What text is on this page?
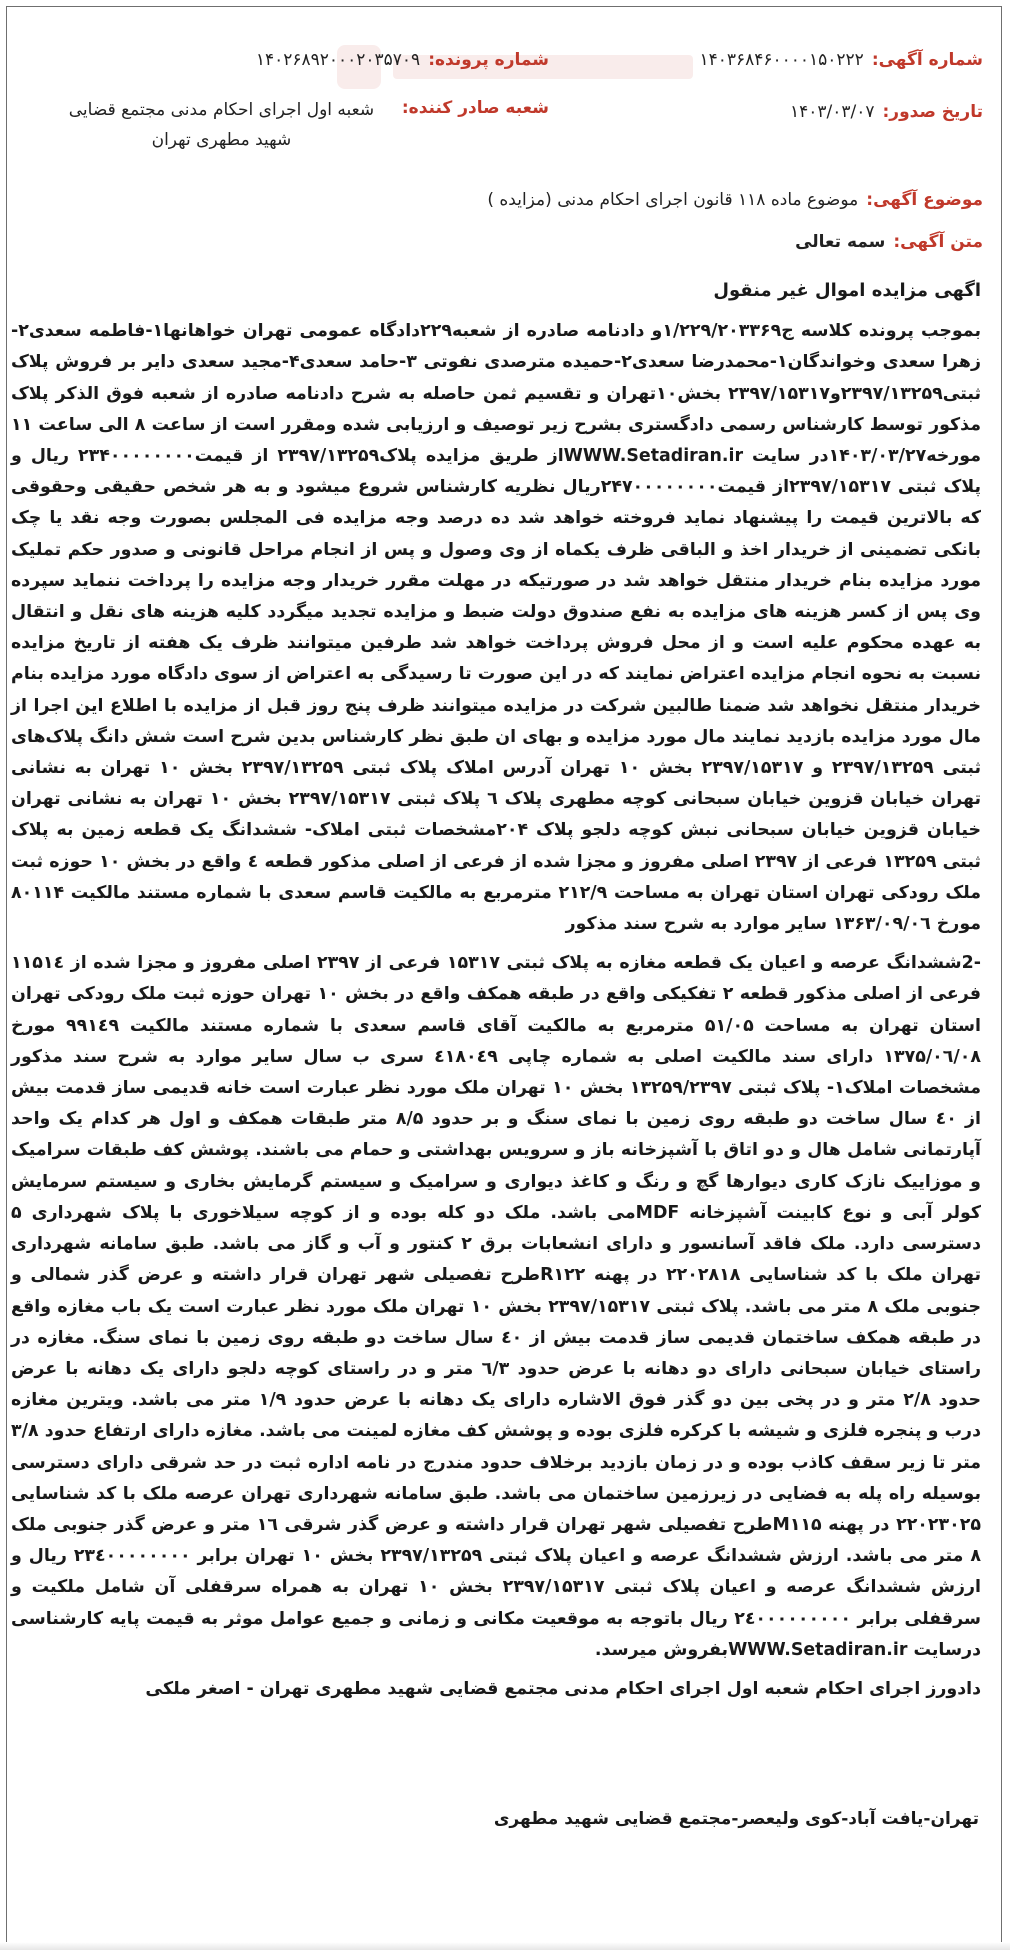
شماره آگهی:
۱۴۰۳۶۸۴۶۰۰۰۰۱۵۰۲۲۲
شماره پرونده:
۱۴۰۲۶۸۹۲۰۰۰۲۰۳۵۷۰۹
تاریخ صدور:
۱۴۰۳/۰۳/۰۷
شعبه صادر کننده:
شعبه اول اجرای احکام مدنی مجتمع قضایی شهید مطهری تهران
موضوع آگهی:
موضوع ماده ۱۱۸ قانون اجرای احکام مدنی (مزایده )
متن آگهی:
سمه تعالی

اگهی مزایده اموال غیر منقول

بموجب پرونده کلاسه ج۱/۲۲۹/۲۰۳۳۶۹و دادنامه صادره از شعبه۲۲۹دادگاه عمومی تهران خواهانها۱-فاطمه سعدی۲-زهرا سعدی وخواندگان۱-محمدرضا سعدی۲-حمیده مترصدی نفوتی ۳-حامد سعدی۴-مجید سعدی دایر بر فروش پلاک ثبتی۲۳۹۷/۱۳۲۵۹و۲۳۹۷/۱۵۳۱۷ بخش۱۰تهران و تقسیم ثمن حاصله به شرح دادنامه صادره از شعبه فوق الذکر پلاک مذکور توسط کارشناس رسمی دادگستری بشرح زیر توصیف و ارزیابی شده ومقرر است از ساعت ۸ الی ساعت ۱۱ مورخه۱۴۰۳/۰۳/۲۷در سایت WWW.Setadiran.irاز طریق مزایده پلاک۲۳۹۷/۱۳۲۵۹ از قیمت۲۳۴۰۰۰۰۰۰۰۰ ریال و پلاک ثبتی ۲۳۹۷/۱۵۳۱۷از قیمت۲۴۷۰۰۰۰۰۰۰۰ریال نظریه کارشناس شروع میشود و به هر شخص حقیقی وحقوقی که بالاترین قیمت را پیشنهاد نماید فروخته خواهد شد ده درصد وجه مزایده فی المجلس بصورت وجه نقد یا چک بانکی تضمینی از خریدار اخذ و الباقی ظرف یکماه از وی وصول و پس از انجام مراحل قانونی و صدور حکم تملیک مورد مزایده بنام خریدار منتقل خواهد شد در صورتیکه در مهلت مقرر خریدار وجه مزایده را پرداخت ننماید سپرده وی پس از کسر هزینه های مزایده به نفع صندوق دولت ضبط و مزایده تجدید میگردد کلیه هزینه های نقل و انتقال به عهده محکوم علیه است و از محل فروش پرداخت خواهد شد طرفین میتوانند ظرف یک هفته از تاریخ مزایده نسبت به نحوه انجام مزایده اعتراض نمایند که در این صورت تا رسیدگی به اعتراض از سوی دادگاه مورد مزایده بنام خریدار منتقل نخواهد شد ضمنا طالبین شرکت در مزایده میتوانند ظرف پنج روز قبل از مزایده با اطلاع این اجرا از مال مورد مزایده بازدید نمایند مال مورد مزایده و بهای ان طبق نظر کارشناس بدین شرح است شش دانگ پلاک‌های ثبتی ۲۳۹۷/۱۳۲۵۹ و ۲۳۹۷/۱۵۳۱۷ بخش ۱۰ تهران آدرس املاک پلاک ثبتی ۲۳۹۷/۱۳۲۵۹ بخش ۱۰ تهران به نشانی تهران خیابان قزوین خیابان سبحانی کوچه مطهری پلاک ٦ پلاک ثبتی ۲۳۹۷/۱۵۳۱۷ بخش ۱۰ تهران به نشانی تهران خیابان قزوین خیابان سبحانی نبش کوچه دلجو پلاک ۲۰۴مشخصات ثبتی املاک- ششدانگ یک قطعه زمین به پلاک ثبتی ۱۳۲۵۹ فرعی از ۲۳۹۷ اصلی مفروز و مجزا شده از فرعی از اصلی مذکور قطعه ٤ واقع در بخش ۱۰ حوزه ثبت ملک رودکی تهران استان تهران به مساحت ۲۱۲/۹ مترمربع به مالکیت قاسم سعدی با شماره مستند مالکیت ۸۰۱۱۴ مورخ ۱۳۶۳/۰۹/۰٦ سایر موارد به شرح سند مذکور

-2ششدانگ عرصه و اعیان یک قطعه مغازه به پلاک ثبتی ۱۵۳۱۷ فرعی از ۲۳۹۷ اصلی مفروز و مجزا شده از ۱۱۵۱٤ فرعی از اصلی مذکور قطعه ۲ تفکیکی واقع در طبقه همکف واقع در بخش ۱۰ تهران حوزه ثبت ملک رودکی تهران استان تهران به مساحت ۵۱/۰۵ مترمربع به مالکیت آقای قاسم سعدی با شماره مستند مالکیت ۹۹۱٤۹ مورخ ۱۳۷۵/۰٦/۰۸ دارای سند مالکیت اصلی به شماره چاپی ٤۱۸۰٤۹ سری ب سال سایر موارد به شرح سند مذکور مشخصات املاک۱- پلاک ثبتی ۱۳۲۵۹/۲۳۹۷ بخش ۱۰ تهران ملک مورد نظر عبارت است خانه قدیمی ساز قدمت بیش از ٤۰ سال ساخت دو طبقه روی زمین با نمای سنگ و بر حدود ۸/۵ متر طبقات همکف و اول هر کدام یک واحد آپارتمانی شامل هال و دو اتاق با آشپزخانه باز و سرویس بهداشتی و حمام می باشند. پوشش کف طبقات سرامیک و موزاییک نازک کاری دیوارها گچ و رنگ و کاغذ دیواری و سرامیک و سیستم گرمایش بخاری و سیستم سرمایش کولر آبی و نوع کابینت آشپزخانه MDFمی باشد. ملک دو کله بوده و از کوچه سیلاخوری با پلاک شهرداری ۵ دسترسی دارد. ملک فاقد آسانسور و دارای انشعابات برق ۲ کنتور و آب و گاز می باشد. طبق سامانه شهرداری تهران ملک با کد شناسایی ۲۲۰۲۸۱۸ در پهنه R۱۲۲طرح تفصیلی شهر تهران قرار داشته و عرض گذر شمالی و جنوبی ملک ۸ متر می باشد. پلاک ثبتی ۲۳۹۷/۱۵۳۱۷ بخش ۱۰ تهران ملک مورد نظر عبارت است یک باب مغازه واقع در طبقه همکف ساختمان قدیمی ساز قدمت بیش از ٤۰ سال ساخت دو طبقه روی زمین با نمای سنگ. مغازه در راستای خیابان سبحانی دارای دو دهانه با عرض حدود ٦/۳ متر و در راستای کوچه دلجو دارای یک دهانه با عرض حدود ۲/۸ متر و در پخی بین دو گذر فوق الاشاره دارای یک دهانه با عرض حدود ۱/۹ متر می باشد. ویترین مغازه درب و پنجره فلزی و شیشه با کرکره فلزی بوده و پوشش کف مغازه لمینت می باشد. مغازه دارای ارتفاع حدود ۳/۸ متر تا زیر سقف کاذب بوده و در زمان بازدید برخلاف حدود مندرج در نامه اداره ثبت در حد شرقی دارای دسترسی بوسیله راه پله به فضایی در زیرزمین ساختمان می باشد. طبق سامانه شهرداری تهران عرصه ملک با کد شناسایی ۲۲۰۲۳۰۲۵ در پهنه M۱۱۵طرح تفصیلی شهر تهران قرار داشته و عرض گذر شرقی ۱٦ متر و عرض گذر جنوبی ملک ۸ متر می باشد. ارزش ششدانگ عرصه و اعیان پلاک ثبتی ۲۳۹۷/۱۳۲۵۹ بخش ۱۰ تهران برابر ۲۳٤۰۰۰۰۰۰۰۰ ریال و ارزش ششدانگ عرصه و اعیان پلاک ثبتی ۲۳۹۷/۱۵۳۱۷ بخش ۱۰ تهران به همراه سرقفلی آن شامل ملکیت و سرقفلی برابر ۲٤۰۰۰۰۰۰۰۰۰ ریال باتوجه به موقعیت مکانی و زمانی و جمیع عوامل موثر به قیمت پایه کارشناسی درسایت WWW.Setadiran.irبفروش میرسد.

دادورز اجرای احکام شعبه اول اجرای احکام مدنی مجتمع قضایی شهید مطهری تهران - اصغر ملکی

تهران-یافت آباد-کوی ولیعصر-مجتمع قضایی شهید مطهری
